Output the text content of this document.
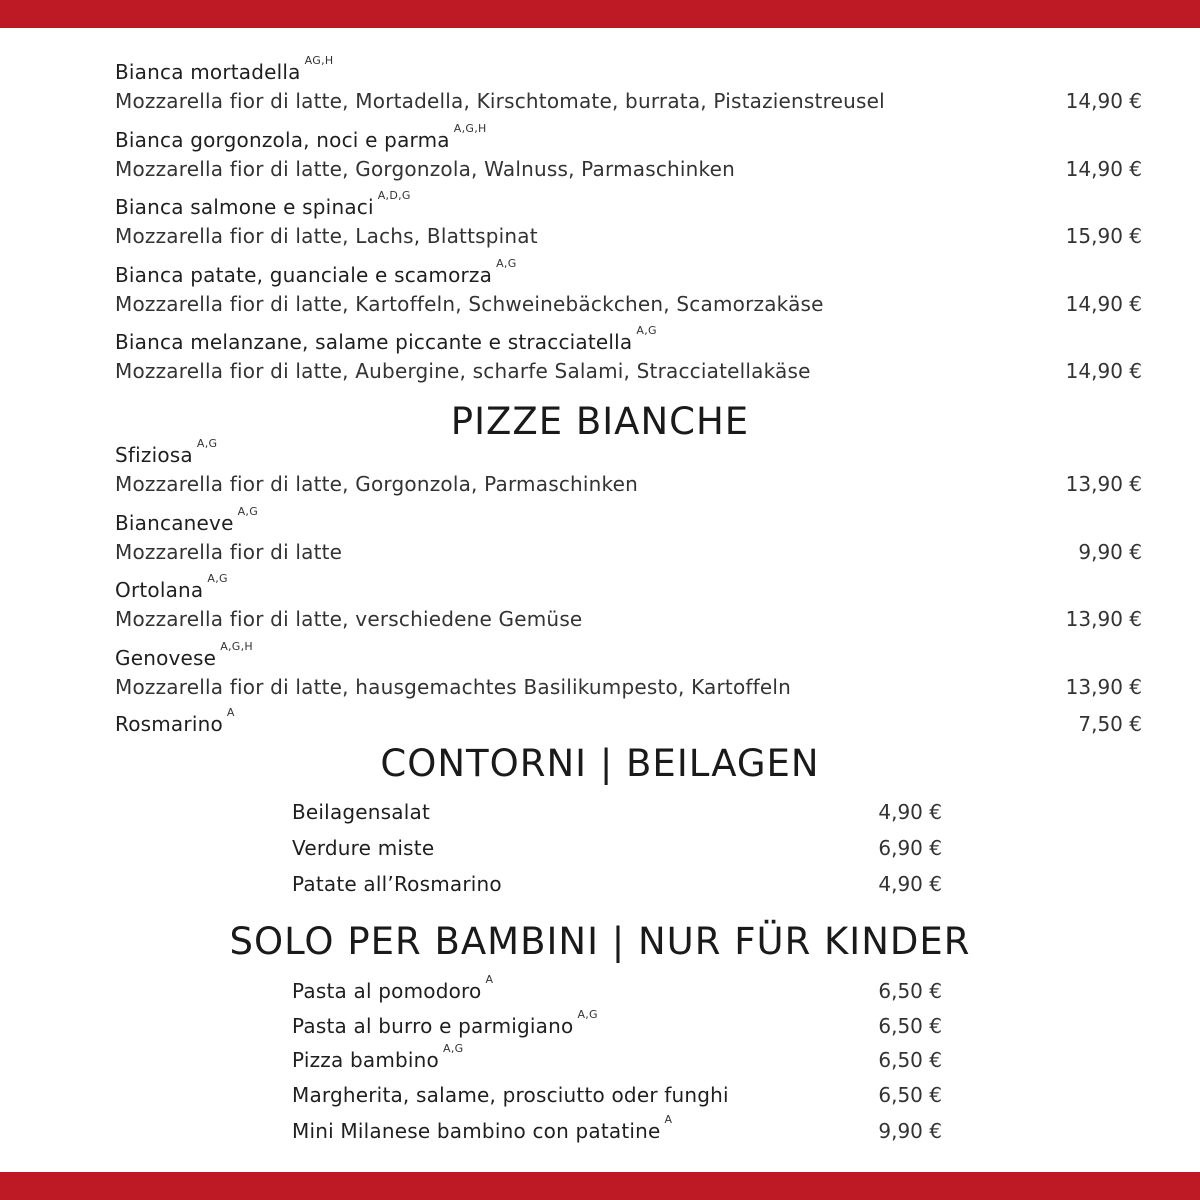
Bianca mortadella $^{AG,H}$
Mozzarella fior di latte, Mortadella, Kirschtomate, burrata, Pistazienstreusel	14,90 €
Bianca gorgonzola, noci e parma $^{A,G,H}$
Mozzarella fior di latte, Gorgonzola, Walnuss, Parmaschinken	14,90 €
Bianca salmone e spinaci $^{A,D,G}$
Mozzarella fior di latte, Lachs, Blattspinat	15,90 €
Bianca patate, guanciale e scamorza $^{A,G}$
Mozzarella fior di latte, Kartoffeln, Schweinebäckchen, Scamorzakäse	14,90 €
Bianca melanzane, salame piccante e stracciatella $^{A,G}$
Mozzarella fior di latte, Aubergine, scharfe Salami, Stracciatellakäse	14,90 €
PIZZE BIANCHE
Sfiziosa $^{A,G}$
Mozzarella fior di latte, Gorgonzola, Parmaschinken	13,90 €
Biancaneve $^{A,G}$
Mozzarella fior di latte	9,90 €
Ortolana $^{A,G}$
Mozzarella fior di latte, verschiedene Gemüse	13,90 €
Genovese $^{A,G,H}$
Mozzarella fior di latte, hausgemachtes Basilikumpesto, Kartoffeln	13,90 €
Rosmarino $^A$	7,50 €
CONTORNI | BEILAGEN
Beilagensalat	4,90 €
Verdure miste	6,90 €
Patate all’Rosmarino	4,90 €
SOLO PER BAMBINI | NUR FÜR KINDER
Pasta al pomodoro $^A$	6,50 €
Pasta al burro e parmigiano $^{A,G}$	6,50 €
Pizza bambino $^{A,G}$	6,50 €
Margherita, salame, prosciutto oder funghi	6,50 €
Mini Milanese bambino con patatine $^A$	9,90 €
